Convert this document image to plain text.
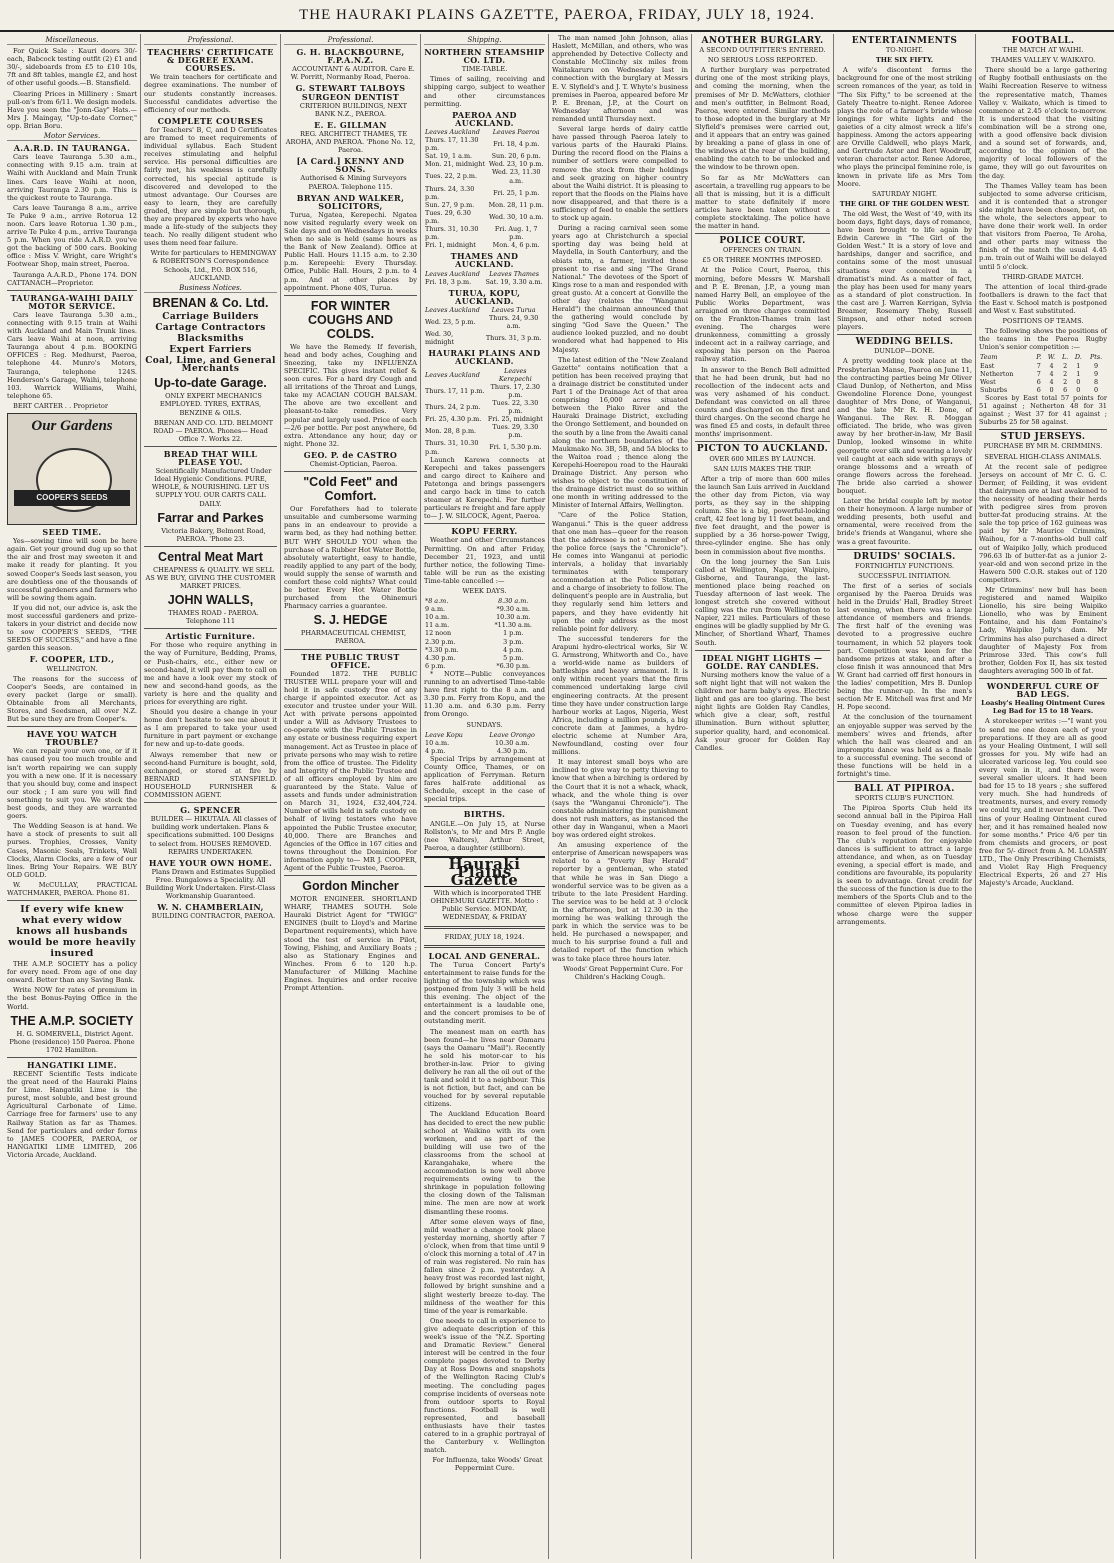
THE HAURAKI PLAINS GAZETTE, PAEROA, FRIDAY, JULY 18, 1924.
Miscellaneous.

For Quick Sale : Kauri doors 30/- each, Babcock testing outfit (2) £1 and 30/-, sideboards from £5 to £10 10s, 7ft and 8ft tables, mangle £2, and host of other useful goods.—B. Stansfield.

Clearing Prices in Millinery : Smart pull-on's from 6/11. We design models. Have you seen the "Jonn-Gay" Hats.—Mrs J. Maingay, "Up-to-date Corner," opp. Brian Boru.

Motor Services.
A.A.R.D. IN TAURANGA.

Cars leave Tauranga 5.30 a.m., connecting with 9.15 a.m. train at Waihi with Auckland and Main Trunk lines. Cars leave Waihi at noon, arriving Tauranga 2.30 p.m. This is the quickest route to Tauranga.

Cars leave Tauranga 8 a.m., arrive Te Puke 9 a.m., arrive Rotorua 12 noon. Cars leave Rotorua 1.30 p.m., arrive Te Puke 4 p.m., arrive Tauranga 5 p.m. When you ride A.A.R.D. you've got the backing of 500 cars. Booking office : Miss V. Wright, care Wright's Footwear Shop, main street, Paeroa.

Tauranga A.A.R.D., Phone 174. DON CATTANACH—Proprietor.

TAURANGA-WAIHI DAILY MOTOR SERVICE.

Cars leave Tauranga 5.30 a.m., connecting with 9.15 train at Waihi with Auckland and Main Trunk lines. Cars leave Waihi at noon, arriving Tauranga about 4 p.m. BOOKING OFFICES : Reg. Medhurst, Paeroa, telephone 44. Munro's Motors, Tauranga, telephone 124S. Henderson's Garage, Waihi, telephone 103. Warrick Williams, Waihi, telephone 65.

BERT CARTER . . Proprietor

Our Gardens
COOPER'S SEEDS
SEED TIME.

Yes—sowing time will soon be here again. Get your ground dug up so that the air and frost may sweeten it and make it ready for planting. It you sowed Cooper's Seeds last season, you are doubtless one of the thousands of successful gardeners and farmers who will be sowing them again.

If you did not, our advice is, ask the most successful gardeners and prize-takers in your district and decide now to sow COOPER'S SEEDS, "THE SEEDS OF SUCCESS," and have a fine garden this season.

F. COOPER, LTD.,
WELLINGTON.

The reasons for the success of Cooper's Seeds, are contained in every packet (large or small). Obtainable from all Merchants, Stores, and Seedsmen, all over N.Z. But be sure they are from Cooper's.

HAVE YOU WATCH TROUBLE?

We can repair your own one, or if it has caused you too much trouble and isn't worth repairing we can supply you with a new one. If it is necessary that you should buy, come and inspect our stock ; I am sure you will find something to suit you. We stock the best goods, and they are warranted goers.

The Wedding Season is at hand. We have a stock of presents to suit all purses. Trophies, Crosses, Vanity Cases, Masonic Seals, Trinkets, Wall Clocks, Alarm Clocks, are a few of our lines. Bring Your Repairs. WE BUY OLD GOLD.

W. McCULLAY, PRACTICAL WATCHMAKER, PAEROA. Phone 81.

If every wife knew what every widow knows all husbands would be more heavily insured

THE A.M.P. SOCIETY has a policy for every need. From age of one day onward. Better than any Saving Bank.

Write NOW for rates of premium in the best Bonus-Paying Office in the World.

THE A.M.P. SOCIETY

H. G. SOMERVELL, District Agent. Phone (residence) 150 Paeroa. Phone 1702 Hamilton.

HANGATIKI LIME.

RECENT Scientific Tests indicate the great need of the Hauraki Plains for Lime. Hangatiki Lime is the purest, most soluble, and best ground Agricultural Carbonate of Lime. Carriage free for farmers' use to any Railway Station as far as Thames. Send for particulars and order forms to JAMES COOPER, PAEROA, or HANGATIKI LIME LIMITED, 206 Victoria Arcade, Auckland.

Professional.
TEACHERS' CERTIFICATE & DEGREE EXAM. COURSES.

We train teachers for certificate and degree examinations. The number of our students constantly increases. Successful candidates advertise the efficiency of our methods.

COMPLETE COURSES

for Teachers' B, C, and D Certificates are framed to meet requirements of individual syllabus. Each Student receives stimulating and helpful service. His personal difficulties are fairly met, his weakness is carefully corrected, his special aptitude is discovered and developed to the utmost advantage. Our Courses are easy to learn, they are carefully graded, they are simple but thorough, they are prepared by experts who have made a life-study of the subjects they teach. No really diligent student who uses them need fear failure.

Write for particulars to HEMINGWAY & ROBERTSON'S Correspondence Schools, Ltd., P.O. BOX 516, AUCKLAND.

Business Notices.
BRENAN & Co. Ltd.
Carriage Builders
Cartage Contractors
Blacksmiths
Expert Farriers
Coal, Lime, and General Merchants
Up-to-date Garage.

ONLY EXPERT MECHANICS EMPLOYED. TYRES, EXTRAS, BENZINE & OILS.

BRENAN AND CO. LTD. BELMONT ROAD — PAEROA. Phones— Head Office 7. Works 22.

BREAD THAT WILL PLEASE YOU.

Scientifically Manufactured Under Ideal Hygienic Conditions. PURE, WHOLE, & NOURISHING. LET US SUPPLY YOU. OUR CARTS CALL DAILY.

Farrar and Parkes

Victoria Bakery, Belmont Road, PAEROA. 'Phone 23.

Central Meat Mart

CHEAPNESS & QUALITY. WE SELL AS WE BUY, GIVING THE CUSTOMER MARKET PRICES.

JOHN WALLS,

THAMES ROAD - PAEROA. Telephone 111

Artistic Furniture.

For those who require anything in the way of Furniture, Bedding, Prams, or Push-chairs, etc., either new or second-hand, it will pay them to call on me and have a look over my stock of new and second-hand goods, as the variety is here and the quality and prices for everything are right.

Should you desire a change in your home don't hesitate to see me about it as I am prepared to take your used furniture in part payment or exchange for new and up-to-date goods.

Always remember that new or second-hand Furniture is bought, sold, exchanged, or stored at fire by BERNARD STANSFIELD. HOUSEHOLD FURNISHER & COMMISSION AGENT.

G. SPENCER

BUILDER — HIKUTAIA. All classes of building work undertaken. Plans & specifications submitted. 100 Designs to select from. HOUSES REMOVED. REPAIRS UNDERTAKEN.

HAVE YOUR OWN HOME.

Plans Drawn and Estimates Supplied Free. Bungalows a Speciality. All Building Work Undertaken. First-Class Workmanship Guaranteed.

W. N. CHAMBERLAIN,

BUILDING CONTRACTOR, PAEROA.

Professional.
G. H. BLACKBOURNE, F.P.A.N.Z.

ACCOUNTANT & AUDITOR. Care E. W. Porritt, Normanby Road, Paeroa.

G. STEWART TALBOYS SURGEON DENTIST

CRITERION BUILDINGS, NEXT BANK N.Z., PAEROA.

E. E. GILLMAN

REG. ARCHITECT THAMES, TE AROHA, AND PAEROA. 'Phone No. 12, Paeroa.

[A Card.] KENNY AND SONS.

Authorised & Mining Surveyors PAEROA. Telephone 115.

BRYAN AND WALKER, SOLICITORS,

Turua, Ngatea, Kerepechi. Ngatea now visited regularly every week on Sale days and on Wednesdays in weeks when no sale is held (same hours as the Bank of New Zealand). Office at Public Hall. Hours 11.15 a.m. to 2.30 p.m. Kerepeehi: Every Thursday. Office, Public Hall. Hours, 2 p.m. to 4 p.m. And at other places by appointment. Phone 40S, Turua.

FOR WINTER COUGHS AND COLDS.

We have the Remedy. If feverish, head and body aches, Coughing and Sneezing, take my INFLUENZA SPECIFIC. This gives instant relief & soon cures. For a hard dry Cough and all irritations of the Throat and Lungs, take my ACACIAN COUGH BALSAM. The above are two excellent and pleasant-to-take remedies. Very popular and largely used. Price of each—2/6 per bottle. Per post anywhere, 6d extra. Attendance any hour, day or night. Phone 32.

GEO. P. de CASTRO

Chemist-Optician, Paeroa.

"Cold Feet" and Comfort.

Our Forefathers had to tolerate unsuitable and cumbersome warming pans in an endeavour to provide a warm bed, as they had nothing better. BUT WHY SHOULD YOU when the purchase of a Rubber Hot Water Bottle, absolutely watertight, easy to handle, readily applied to any part of the body, would supply the sense of warmth and comfort these cold nights? What could be better. Every Hot Water Bottle purchased from the Ohinemuri Pharmacy carries a guarantee.

S. J. HEDGE

PHARMACEUTICAL CHEMIST, PAEROA.

THE PUBLIC TRUST OFFICE.

Founded 1872. THE PUBLIC TRUSTEE WILL prepare your will and hold it in safe custody free of any charge if appointed executor. Act as executor and trustee under your Will. Act with private persons appointed under a Will as Advisory Trustees to co-operate with the Public Trustee in any estate or business requiring expert management. Act as Trustee in place of private persons who may wish to retire from the office of trustee. The Fidelity and Integrity of the Public Trustee and of all officers employed by him are guaranteed by the State. Value of assets and funds under administration on March 31, 1924, £32,404,724. Number of wills held in safe custody on behalf of living testators who have appointed the Public Trustee executor, 40,000. There are Branches and Agencies of the Office in 167 cities and towns throughout the Dominion. For information apply to— MR J. COOPER, Agent of the Public Trustee, Paeroa.

Gordon Mincher

MOTOR ENGINEER. SHORTLAND WHARF, THAMES SOUTH. Sole Hauraki District Agent for "TWIGG" ENGINES (built to Lloyd's and Marine Department requirements), which have stood the test of service in Pilot, Towing, Fishing, and Auxiliary Boats ; also as Stationary Engines and Winches. From 6 to 120 h.p. Manufacturer of Milking Machine Engines. Inquiries and order receive Prompt Attention.

Shipping.
NORTHERN STEAMSHIP CO. LTD.
TIME-TABLE.

Times of sailing, receiving and shipping cargo, subject to weather and other circumstances permitting.

PAEROA AND AUCKLAND.
Leaves Auckland	Leaves Paeroa
Thurs. 17, 11.30 p.m.	Fri. 18, 4 p.m.
Sat. 19, 1 a.m.	Sun. 20, 6 p.m.
Mon. 21, midnight	Wed. 23, 10 p.m.
Tues. 22, 2 p.m.	Wed. 23, 11.30 a.m.
Thurs. 24, 3.30 p.m.	Fri. 25, 1 p.m.
Sun. 27, 9 p.m.	Mon. 28, 11 p.m.
Tues. 29, 6.30 p.m.	Wed. 30, 10 a.m.
Thurs. 31, 10.30 p.m.	Fri. Aug. 1, 7 p.m.
Fri. 1, midnight	Mon. 4, 6 p.m.
THAMES AND AUCKLAND.
Leaves Auckland	Leaves Thames
Fri. 18, 3 p.m.	Sat. 19, 3.30 a.m.
TURUA, KOPU, AUCKLAND.
Leaves Auckland	Leaves Turua
Wed. 23, 5 p.m.	Thurs. 24, 9.30 a.m.
Wed. 30, midnight	Thurs. 31, 3 p.m.
HAURAKI PLAINS AND AUCKLAND.
Leaves Auckland	Leaves Kerepechi
Thurs. 17, 11 p.m.	Thurs. 17, 2.30 p.m.
Thurs. 24, 2 p.m.	Tues. 22, 3.30 p.m.
Fri. 25, 4.30 p.m.	Fri. 25, midnight
Mon. 28, 8 p.m.	Tues. 29, 3.30 p.m.
Thurs. 31, 10.30 p.m.	Fri. 1, 5.30 p.m.

Launch Karewa connects at Kerepechi and takes passengers and cargo direct to Kaihere and Patetonga and brings passengers and cargo back in time to catch steamer at Kerepechi. For further particulars re freight and fare apply to— J. W. SILCOCK, Agent, Paeroa.

KOPU FERRY.

Weather and other Circumstances Permitting. On and after Friday, December 21, 1923, and until further notice, the following Time-table will be run as the existing Time-table cancelled :—

WEEK DAYS.
*8 a.m.	8.30 a.m.
9 a.m.	*9.30 a.m.
10 a.m.	10.30 a.m.
11 a.m.	*11.30 a.m.
12 noon	1 p.m.
2.30 p.m.	3 p.m.
*3.30 p.m.	4 p.m.
4.30 p.m.	5 p.m.
6 p.m.	*6.30 p.m.

* NOTE—Public conveyances running to an advertised Time-table have first right to the 8 a.m. and 3.30 p.m. Ferry from Kopu, and the 11.30 a.m. and 6.30 p.m. Ferry from Orongo.

SUNDAYS.
Leave Kopu	Leave Orongo
10 a.m.	10.30 a.m.
4 p.m.	4.30 p.m.

Special Trips by arrangement at County Office, Thames, or on application of Ferryman. Return fares half-rate additional as Schedule, except in the case of special trips.

BIRTHS.

ANGLE.—On July 15, at Nurse Rollston's, to Mr and Mrs P. Angle (nee Walters), Arthur Street, Paeroa, a daughter (stillborn).

Hauraki Plains Gazette

With which is incorporated THE OHINEMURI GAZETTE. Motto : Public Service. MONDAY, WEDNESDAY, & FRIDAY

FRIDAY, JULY 18, 1924.
LOCAL AND GENERAL.

The Turua Concert Party's entertainment to raise funds for the lighting of the township which was postponed from July 3 will be held this evening. The object of the entertainment is a laudable one, and the concert promises to be of outstanding merit.

The meanest man on earth has been found—he lives near Oamaru (says the Oamaru "Mail"). Recently he sold his motor-car to his brother-in-law. Prior to giving delivery he ran all the oil out of the tank and sold it to a neighbour. This is not fiction, but fact, and can be vouched for by several reputable citizens.

The Auckland Education Board has decided to erect the new public school at Waikino with its own workmen, and as part of the building will use two of the classrooms from the school at Karangahake, where the accommodation is now well above requirements owing to the shrinkage in population following the closing down of the Talisman mine. The men are now at work dismantling these rooms.

After some eleven ways of fine, mild weather a change took place yesterday morning, shortly after 7 o'clock, when from that time until 9 o'clock this morning a total of .47 in of rain was registered. No rain has fallen since 2 p.m. yesterday. A heavy frost was recorded last night, followed by bright sunshine and a slight westerly breeze to-day. The mildness of the weather for this time of the year is remarkable.

One needs to call in experience to give adequate description of this week's issue of the "N.Z. Sporting and Dramatic Review." General interest will be centred in the four complete pages devoted to Derby Day at Ross Downs and snapshots of the Wellington Racing Club's meeting. The concluding pages comprise incidents of overseas note from outdoor sports to Royal functions. Football is well represented, and baseball enthusiasts have their tastes catered to in a graphic portrayal of the Canterbury v. Wellington match.

For Influenza, take Woods' Great Peppermint Cure.

The man named John Johnson, alias Haslett, McMillan, and others, who was apprehended by Detective Collecty and Constable McClinchy six miles from Waitakaruru on Wednesday last in connection with the burglary at Messrs E. V. Slyfield's and J. T. Whyte's business premises in Paeroa, appeared before Mr P. E. Brenan, J.P., at the Court on Wednesday afternoon and was remanded until Thursday next.

Several large herds of dairy cattle have passed through Paeroa lately to various parts of the Hauraki Plains. During the record flood on the Plains a number of settlers were compelled to remove the stock from their holdings and seek grazing on higher country about the Waihi district. It is pleasing to report that the floods on the Plains have now disappeared, and that there is a sufficiency of feed to enable the settlers to stock up again.

During a racing carnival seen some years ago at Christchurch a special sporting day was being held at Maydella, in South Canterbury, and the ebiats mtn, a farmer, invited those present to rise and sing "The Grand National." The devotees of the Sport of Kings rose to a man and responded with great gusto. At a concert at Gonville the other day (relates the "Wanganui Herald") the chairman announced that the gathering would conclude by singing "God Save the Queen." The audience looked puzzled, and no doubt wondered what had happened to His Majesty.

The latest edition of the "New Zealand Gazette" contains notification that a petition has been received praying that a drainage district be constituted under Part 1 of the Drainage Act of that area comprising 16,000 acres situated between the Piako River and the Hauraki Drainage District, excluding the Orongo Settlement, and bounded on the south by a line from the Awaiti canal along the northern boundaries of the Maukmako No. 3B, 5B, and 5A blocks to the Waitoa road ; thence along the Kerepehi-Hoerepou road to the Hauraki Drainage District. Any person who wishes to object to the constitution of the drainage district must do so within one month in writing addressed to the Minister of Internal Affairs, Wellington.

"Care of the Police Station, Wanganui." This is the queer address that one man has—queer for the reason that the addressee is not a member of the police force (says the "Chronicle"). He comes into Wanganui at periodic intervals, a holiday that invariably terminates with temporary accommodation at the Police Station, and a charge of insobriety to follow. The delinquent's people are in Australia, but they regularly send him letters and papers, and they have evidently hit upon the only address as the most reliable point for delivery.

The successful tenderers for the Arapuni hydro-electrical works, Sir W. G. Armstrong, Whitworth and Co., have a world-wide name as builders of battleships and heavy armament. It is only within recent years that the firm commenced undertaking large civil engineering contracts. At the present time they have under construction large harbour works at Lagos, Nigeria, West Africa, including a million pounds, a big concrete dam at Jammes, a hydro-electric scheme at Number Ara, Newfoundland, costing over four millions.

It may interest small boys who are inclined to give way to petty thieving to know that when a birching is ordered by the Court that it is not a whack, whack, whack, and the whole thing is over (says the "Wanganui Chronicle"). The constable administering the punishment does not rush matters, as instanced the other day in Wanganui, when a Maori boy was ordered eight strokes.

An amusing experience of the enterprise of American newspapers was related to a "Poverty Bay Herald" reporter by a gentleman, who stated that while he was in San Diego a wonderful service was to be given as a tribute to the late President Harding. The service was to be held at 3 o'clock in the afternoon, but at 12.30 in the morning he was walking through the park in which the service was to be held. He purchased a newspaper, and much to his surprise found a full and detailed report of the function which was to take place three hours later.

Woods' Great Peppermint Cure. For Children's Hacking Cough.

ANOTHER BURGLARY.
A SECOND OUTFITTER'S ENTERED.
NO SERIOUS LOSS REPORTED.

A further burglary was perpetrated during one of the most striking plays, and coming the morning, when the premises of Mr D. McWatters, clothier and men's outfitter, in Belmont Road, Paeroa, were entered. Similar methods to those adopted in the burglary at Mr Slyfield's premises were carried out, and it appears that an entry was gained by breaking a pane of glass in one of the windows at the rear of the building, enabling the catch to be unlocked and the window to be thrown open.

So far as Mr McWatters can ascertain, a travelling rug appears to be all that is missing, but it is a difficult matter to state definitely if more articles have been taken without a complete stocktaking. The police have the matter in hand.

POLICE COURT.
OFFENCES ON TRAIN.
£5 OR THREE MONTHS IMPOSED.

At the Police Court, Paeroa, this morning, before Messrs W. Marshall and P. E. Brenan, J.P., a young man named Harry Bell, an employee of the Public Works Department, was arraigned on three charges committed on the Frankton-Thames train last evening. The charges were drunkenness, committing a grossly indecent act in a railway carriage, and exposing his person on the Paeroa railway station.

In answer to the Bench Bell admitted that he had been drunk, but had no recollection of the indecent acts and was very ashamed of his conduct. Defendant was convicted on all three counts and discharged on the first and third charges. On the second charge he was fined £5 and costs, in default three months' imprisonment.

PICTON TO AUCKLAND.
OVER 600 MILES BY LAUNCH.
SAN LUIS MAKES THE TRIP.

After a trip of more than 600 miles the launch San Luis arrived in Auckland the other day from Picton, via way ports, as they say in the shipping column. She is a big, powerful-looking craft, 42 feet long by 11 feet beam, and five feet draught, and the power is supplied by a 36 horse-power Twigg, three-cylinder engine. She has only been in commission about five months.

On the long journey the San Luis called at Wellington, Napier, Waipiro, Gisborne, and Tauranga, the last-mentioned place being reached on Tuesday afternoon of last week. The longest stretch she covered without calling was the run from Wellington to Napier, 221 miles. Particulars of these engines will be gladly supplied by Mr G. Mincher, of Shortland Wharf, Thames South.

IDEAL NIGHT LIGHTS — GOLDE. RAY CANDLES.

Nursing mothers know the value of a soft night light that will not waken the children nor harm baby's eyes. Electric light and gas are too glaring. The best night lights are Golden Ray Candles, which give a clear, soft, restful illumination. Burn without splutter, superior quality, hard, and economical. Ask your grocer for Golden Ray Candles.

ENTERTAINMENTS
TO-NIGHT.
THE SIX FIFTY.

A wife's discontent forms the background for one of the most striking screen romances of the year, as told in "The Six Fifty," to be screened at the Gately Theatre to-night. Renee Adoree plays the role of a farmer's bride whose longings for white lights and the gaieties of a city almost wreck a life's happiness. Among the actors appearing are Orville Caldwell, who plays Mark, and Gertrude Astor and Bert Woodruff, veteran character actor. Renee Adoree, who plays the principal feminine role, is known in private life as Mrs Tom Moore.

SATURDAY NIGHT.
THE GIRL OF THE GOLDEN WEST.

The old West, the West of '49, with its boom days, fight days, days of romance, have been brought to life again by Edwin Carewe in "The Girl of the Golden West." It is a story of love and hardships, danger and sacrifice, and contains some of the most unusual situations ever conceived in a dramatist's mind. As a matter of fact, the play has been used for many years as a standard of plot construction. In the cast are J. Warren Kerrigan, Sylvia Breamer, Rosemary Theby, Russell Simpson, and other noted screen players.

WEDDING BELLS.
DUNLOP—DONE.

A pretty wedding took place at the Presbyterian Manse, Paeroa on June 11, the contracting parties being Mr Oliver Claud Dunlop, of Netherton, and Miss Gwendoline Florence Done, youngest daughter of Mrs Done, of Wanganui, and the late Mr R. H. Done, of Wanganui. The Rev. R. Moggan officiated. The bride, who was given away by her brother-in-law, Mr Basil Dunlop, looked winsome in white georgette over silk and wearing a lovely veil caught at each side with sprays of orange blossoms and a wreath of orange flowers across the forehead. The bride also carried a shower bouquet.

Later the bridal couple left by motor on their honeymoon. A large number of wedding presents, both useful and ornamental, were received from the bride's friends at Wanganui, where she was a great favourite.

DRUIDS' SOCIALS.
FORTNIGHTLY FUNCTIONS.
SUCCESSFUL INITIATION.

The first of a series of socials organised by the Paeroa Druids was held in the Druids' Hall, Bradley Street last evening, when there was a large attendance of members and friends. The first half of the evening was devoted to a progressive euchre tournament, in which 52 players took part. Competition was keen for the handsome prizes at stake, and after a close finish it was announced that Mrs W. Grant had carried off first honours in the ladies' competition, Mrs B. Dunlop being the runner-up. In the men's section Mr E. Mitchell was first and Mr H. Pope second.

At the conclusion of the tournament an enjoyable supper was served by the members' wives and friends, after which the hall was cleared and an impromptu dance was held as a finale to a successful evening. The second of these functions will be held in a fortnight's time.

BALL AT PIPIROA.
SPORTS CLUB'S FUNCTION.

The Pipiroa Sports Club held its second annual ball in the Pipiroa Hall on Tuesday evening, and has every reason to feel proud of the function. The club's reputation for enjoyable dances is sufficient to attract a large attendance, and when, as on Tuesday evening, a special effort is made, and conditions are favourable, its popularity is seen to advantage. Great credit for the success of the function is due to the members of the Sports Club and to the committee of eleven Pipiroa ladies in whose charge were the supper arrangements.

FOOTBALL.
THE MATCH AT WAIHI.
THAMES VALLEY V. WAIKATO.

There should be a large gathering of Rugby football enthusiasts on the Waihi Recreation Reserve to witness the representative match, Thames Valley v. Waikato, which is timed to commence at 2.45 o'clock to-morrow. It is understood that the visiting combination will be a strong one, with a good offensive back division and a sound set of forwards, and, according to the opinion of the majority of local followers of the game, they will go out favourites on the day.

The Thames Valley team has been subjected to some adverse criticism, and it is contended that a stronger side might have been chosen, but, on the whole, the selectors appear to have done their work well. In order that visitors from Paeroa, Te Aroha, and other parts may witness the finish of the match the usual 4.45 p.m. train out of Waihi will be delayed until 5 o'clock.

THIRD-GRADE MATCH.

The attention of local third-grade footballers is drawn to the fact that the East v. School match is postponed and West v. East substituted.

POSITIONS OF TEAMS.

The following shows the positions of the teams in the Paeroa Rugby Union's senior competition :—

Team	P.	W.	L.	D.	Pts.
East	7	4	2	1	9
Netherton	7	4	2	1	9
West	6	4	2	0	8
Suburbs	6	0	6	0	0

Scores by East total 57 points for 51 against ; Netherton 48 for 31 against ; West 37 for 41 against ; Suburbs 25 for 58 against.

STUD JERSEYS.
PURCHASE BY MR M. CRIMMINS.
SEVERAL HIGH-CLASS ANIMALS.

At the recent sale of pedigree Jerseys on account of Mr C. G. C. Dermer, of Feilding, it was evident that dairymen are at last awakened to the necessity of heading their herds with pedigree sires from proven butter-fat producing strains. At the sale the top price of 162 guineas was paid by Mr Maurice Crimmins, Waihou, for a 7-months-old bull calf out of Waipiko Jolly, which produced 796.63 lb of butter-fat as a junior 2-year-old and won second prize in the Hawera 500 C.O.R. stakes out of 120 competitors.

Mr Crimmins' new bull has been registered and named Waipiko Lionello, his sire being Waipiko Lionello, who was by Eminent Fontaine, and his dam Fontaine's Lady, Waipiko Jolly's dam. Mr Crimmins has also purchased a direct daughter of Majesty Fox from Primrose 33rd. This cow's full brother, Golden Fox II, has six tested daughters averaging 500 lb of fat.

WONDERFUL CURE OF BAD LEGS.
Loasby's Healing Ointment Cures Leg Bad for 15 to 18 Years.

A storekeeper writes :—"I want you to send me one dozen each of your preparations. If they are all as good as your Healing Ointment, I will sell grosses for you. My wife had an ulcerated varicose leg. You could see every vein in it, and there were several smaller ulcers. It had been bad for 15 to 18 years ; she suffered very much. She had hundreds of treatments, nurses, and every remedy we could try, and it never healed. Two tins of your Healing Ointment cured her, and it has remained healed now for some months." Price 4/6 per tin from chemists and grocers, or post free for 5/- direct from A. M. LOASBY LTD., The Only Prescribing Chemists, and Violet Ray High Frequency Electrical Experts, 26 and 27 His Majesty's Arcade, Auckland.
